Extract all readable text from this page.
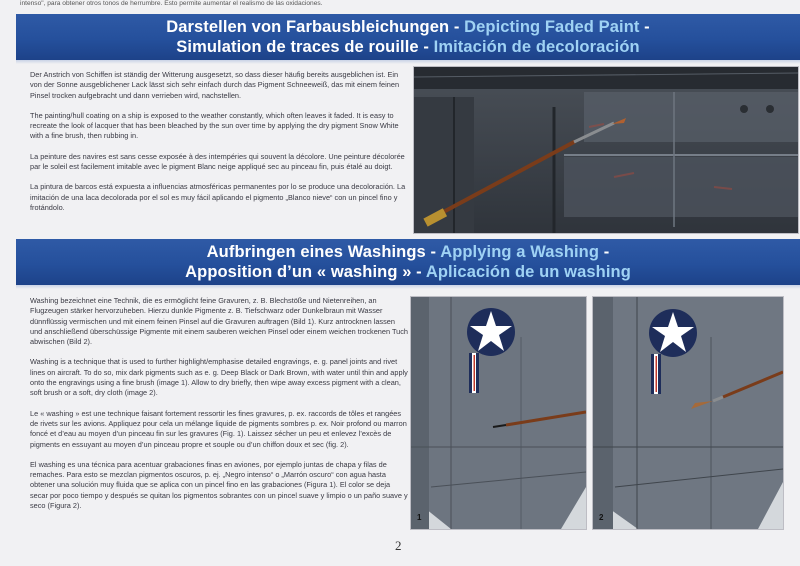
intenso", para obtener otros tonos de herrumbre. Esto permite aumentar el realismo de las oxidaciones.
Darstellen von Farbausbleichungen - Depicting Faded Paint -
Simulation de traces de rouille - Imitación de decoloración

Der Anstrich von Schiffen ist ständig der Witterung ausgesetzt, so dass dieser häufig bereits ausgeblichen ist. Ein von der Sonne ausgeblichener Lack lässt sich sehr einfach durch das Pigment Schneeweiß, das mit einem feinen Pinsel trocken aufgebracht und dann verrieben wird, nachstellen.

The painting/hull coating on a ship is exposed to the weather constantly, which often leaves it faded. It is easy to recreate the look of lacquer that has been bleached by the sun over time by applying the dry pigment Snow White with a fine brush, then rubbing in.

La peinture des navires est sans cesse exposée à des intempéries qui souvent la décolore. Une peinture décolorée par le soleil est facilement imitable avec le pigment Blanc neige appliqué sec au pinceau fin, puis étalé au doigt.

La pintura de barcos está expuesta a influencias atmosféricas permanentes por lo se produce una decoloración. La imitación de una laca decolorada por el sol es muy fácil aplicando el pigmento „Blanco nieve“ con un pincel fino y frotándolo.

Aufbringen eines Washings - Applying a Washing -
Apposition d’un « washing » - Aplicación de un washing

Washing bezeichnet eine Technik, die es ermöglicht feine Gravuren, z. B. Blechstöße und Nietenreihen, an Flugzeugen stärker hervorzuheben. Hierzu dunkle Pigmente z. B. Tiefschwarz oder Dunkelbraun mit Wasser dünnflüssig vermischen und mit einem feinen Pinsel auf die Gravuren auftragen (Bild 1). Kurz antrocknen lassen und anschließend überschüssige Pigmente mit einem sauberen weichen Pinsel oder einem weichen trockenen Tuch abwischen (Bild 2).

Washing is a technique that is used to further highlight/emphasise detailed engravings, e. g. panel joints and rivet lines on aircraft. To do so, mix dark pigments such as e. g. Deep Black or Dark Brown, with water until thin and apply onto the engravings using a fine brush (image 1). Allow to dry briefly, then wipe away excess pigment with a clean, soft brush or a soft, dry cloth (image 2).

Le « washing » est une technique faisant fortement ressortir les fines gravures, p. ex. raccords de tôles et rangées de rivets sur les avions. Appliquez pour cela un mélange liquide de pigments sombres p. ex. Noir profond ou marron foncé et d’eau au moyen d’un pinceau fin sur les gravures (Fig. 1). Laissez sécher un peu et enlevez l’excès de pigments en essuyant au moyen d’un pinceau propre et souple ou d’un chiffon doux et sec (fig. 2).

El washing es una técnica para acentuar grabaciones finas en aviones, por ejemplo juntas de chapa y filas de remaches. Para esto se mezclan pigmentos oscuros, p. ej. „Negro intenso“ o „Marrón oscuro“ con agua hasta obtener una solución muy fluida que se aplica con un pincel fino en las grabaciones (Figura 1). El color se deja secar por poco tiempo y después se quitan los pigmentos sobrantes con un pincel suave y limpio o un paño suave y seco (Figura 2).

1	2
2
